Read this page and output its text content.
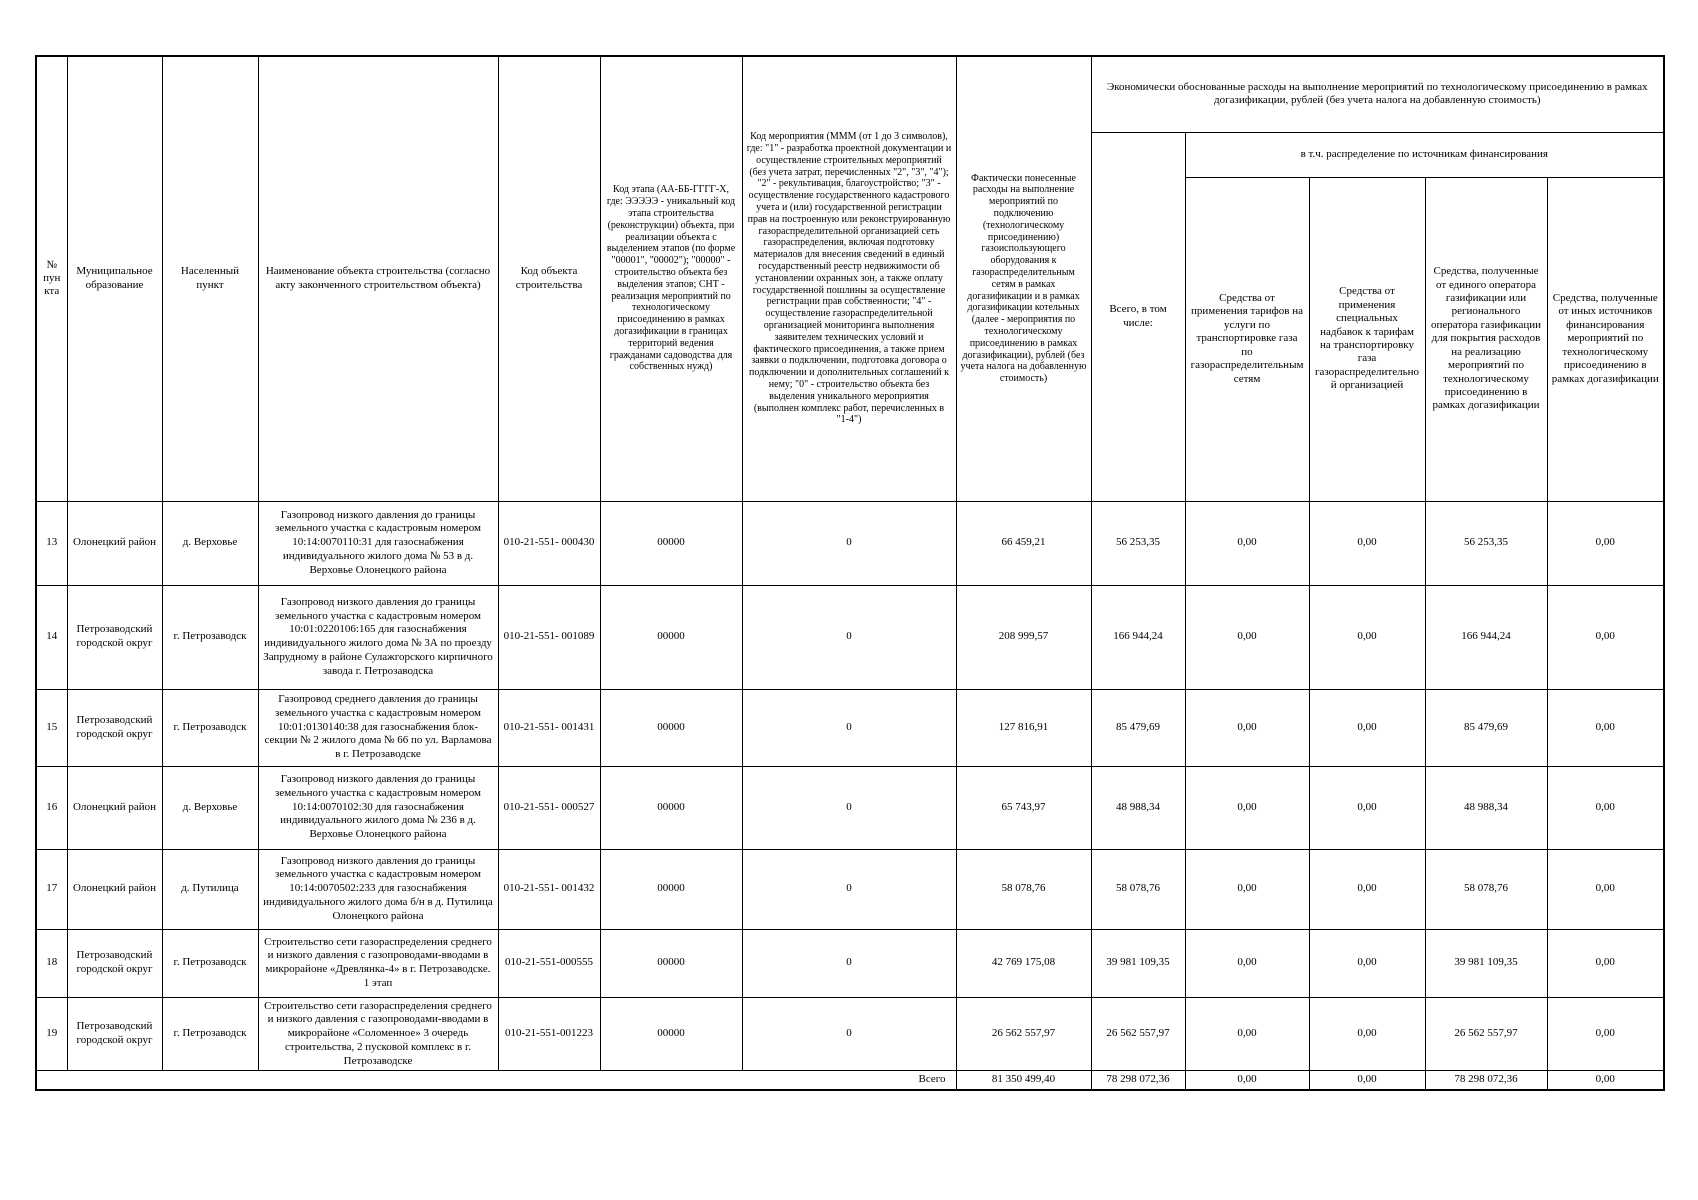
№ пункта	Муниципальное образование	Населенный пункт	Наименование объекта строительства (согласно акту законченного строительством объекта)	Код объекта строительства	Код этапа (АА-ББ-ГГГГ-Х, где: ЭЭЭЭЭ - уникальный код этапа строительства (реконструкции) объекта, при реализации объекта с выделением этапов (по форме "00001", "00002"); "00000" - строительство объекта без выделения этапов; СНТ - реализация мероприятий по технологическому присоединению в рамках догазификации в границах территорий ведения гражданами садоводства для собственных нужд)	Код мероприятия (МММ (от 1 до 3 символов), где: "1" - разработка проектной документации и осуществление строительных мероприятий (без учета затрат, перечисленных "2", "3", "4"); "2" - рекультивация, благоустройство; "3" - осуществление государственного кадастрового учета и (или) государственной регистрации прав на построенную или реконструированную газораспределительной организацией сеть газораспределения, включая подготовку материалов для внесения сведений в единый государственный реестр недвижимости об установлении охранных зон, а также оплату государственной пошлины за осуществление регистрации прав собственности; "4" - осуществление газораспределительной организацией мониторинга выполнения заявителем технических условий и фактического присоединения, а также прием заявки о подключении, подготовка договора о подключении и дополнительных соглашений к нему; "0" - строительство объекта без выделения уникального мероприятия (выполнен комплекс работ, перечисленных в "1-4")	Фактически понесенные расходы на выполнение мероприятий по подключению (технологическому присоединению) газоиспользующего оборудования к газораспределительным сетям в рамках догазификации и в рамках догазификации котельных (далее - мероприятия по технологическому присоединению в рамках догазификации), рублей (без учета налога на добавленную стоимость)	Экономически обоснованные расходы на выполнение мероприятий по технологическому присоединению в рамках догазификации, рублей (без учета налога на добавленную стоимость)
								Всего, в том числе:	в т.ч. распределение по источникам финансирования			
									Средства от применения тарифов на услуги по транспортировке газа по газораспределительным сетям	Средства от применения специальных надбавок к тарифам на транспортировку газа газораспределительной организацией	Средства, полученные от единого оператора газификации или регионального оператора газификации для покрытия расходов на реализацию мероприятий по технологическому присоединению в рамках догазификации	Средства, полученные от иных источников финансирования мероприятий по технологическому присоединению в рамках догазификации
13	Олонецкий район	д. Верховье	Газопровод низкого давления до границы земельного участка с кадастровым номером 10:14:0070110:31 для газоснабжения индивидуального жилого дома № 53 в д. Верховье Олонецкого района	010-21-551- 000430	00000	0	66 459,21	56 253,35	0,00	0,00	56 253,35	0,00
14	Петрозаводский городской округ	г. Петрозаводск	Газопровод низкого давления до границы земельного участка с кадастровым номером 10:01:0220106:165 для газоснабжения индивидуального жилого дома № 3А по проезду Запрудному в районе Сулажгорского кирпичного завода г. Петрозаводска	010-21-551- 001089	00000	0	208 999,57	166 944,24	0,00	0,00	166 944,24	0,00
15	Петрозаводский городской округ	г. Петрозаводск	Газопровод среднего давления до границы земельного участка с кадастровым номером 10:01:0130140:38 для газоснабжения блок-секции № 2 жилого дома № 66 по ул. Варламова в г. Петрозаводске	010-21-551- 001431	00000	0	127 816,91	85 479,69	0,00	0,00	85 479,69	0,00
16	Олонецкий район	д. Верховье	Газопровод низкого давления до границы земельного участка с кадастровым номером 10:14:0070102:30 для газоснабжения индивидуального жилого дома № 236 в д. Верховье Олонецкого района	010-21-551- 000527	00000	0	65 743,97	48 988,34	0,00	0,00	48 988,34	0,00
17	Олонецкий район	д. Путилица	Газопровод низкого давления до границы земельного участка с кадастровым номером 10:14:0070502:233 для газоснабжения индивидуального жилого дома б/н в д. Путилица Олонецкого района	010-21-551- 001432	00000	0	58 078,76	58 078,76	0,00	0,00	58 078,76	0,00
18	Петрозаводский городской округ	г. Петрозаводск	Строительство сети газораспределения среднего и низкого давления с газопроводами-вводами в микрорайоне «Древлянка-4» в г. Петрозаводске. 1 этап	010-21-551-000555	00000	0	42 769 175,08	39 981 109,35	0,00	0,00	39 981 109,35	0,00
19	Петрозаводский городской округ	г. Петрозаводск	Строительство сети газораспределения среднего и низкого давления с газопроводами-вводами в микрорайоне «Соломенное» 3 очередь строительства, 2 пусковой комплекс в г. Петрозаводске	010-21-551-001223	00000	0	26 562 557,97	26 562 557,97	0,00	0,00	26 562 557,97	0,00
Всего							81 350 499,40	78 298 072,36	0,00	0,00	78 298 072,36	0,00
